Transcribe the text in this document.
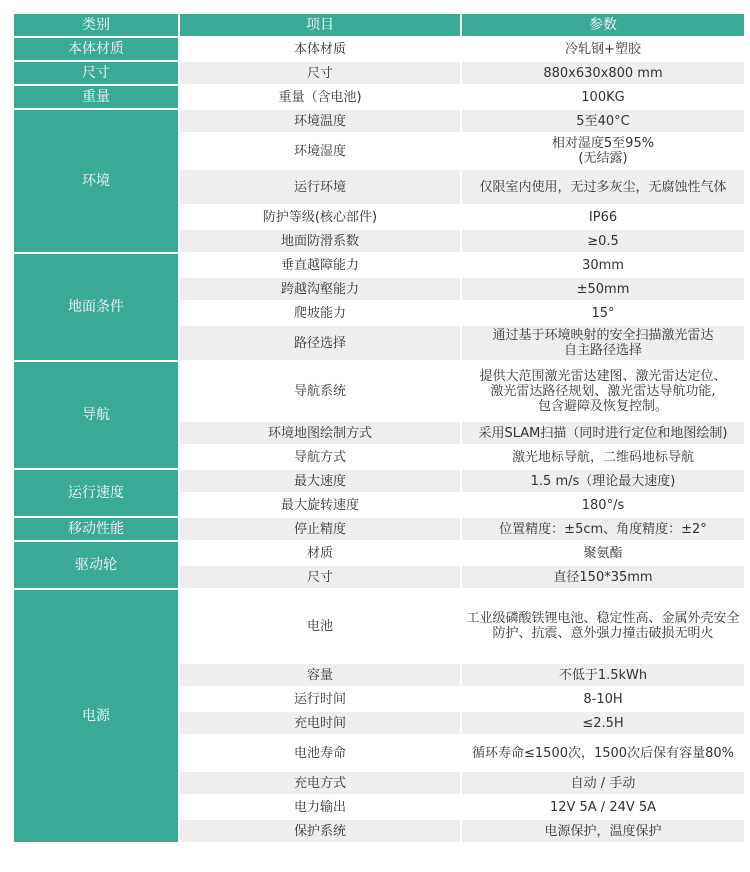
类别	项目	参数
本体材质	本体材质	冷轧钢+塑胶
尺寸	尺寸	880x630x800 mm
重量	重量（含电池)	100KG
环境	环境温度	5至40°C
	环境湿度	相对湿度5至95%
(无结露)
	运行环境	仅限室内使用，无过多灰尘，无腐蚀性气体
	防护等级(核心部件)	IP66
	地面防滑系数	≥0.5
地面条件	垂直越障能力	30mm
	跨越沟壑能力	±50mm
	爬坡能力	15°
	路径选择	通过基于环境映射的安全扫描激光雷达
自主路径选择
导航	导航系统	提供大范围激光雷达建图、激光雷达定位、
激光雷达路径规划、激光雷达导航功能,
包含避障及恢复控制。
	环境地图绘制方式	采用SLAM扫描（同时进行定位和地图绘制)
	导航方式	激光地标导航，二维码地标导航
运行速度	最大速度	1.5 m/s（理论最大速度)
	最大旋转速度	180°/s
移动性能	停止精度	位置精度：±5cm、角度精度：±2°
驱动轮	材质	聚氨酯
	尺寸	直径150*35mm
电源	电池	工业级磷酸铁锂电池、稳定性高、金属外壳安全防护、抗震、意外强力撞击破损无明火
	容量	不低于1.5kWh
	运行时间	8-10H
	充电时间	≤2.5H
	电池寿命	循环寿命≤1500次，1500次后保有容量80%
	充电方式	自动 / 手动
	电力输出	12V 5A / 24V 5A
	保护系统	电源保护，温度保护
